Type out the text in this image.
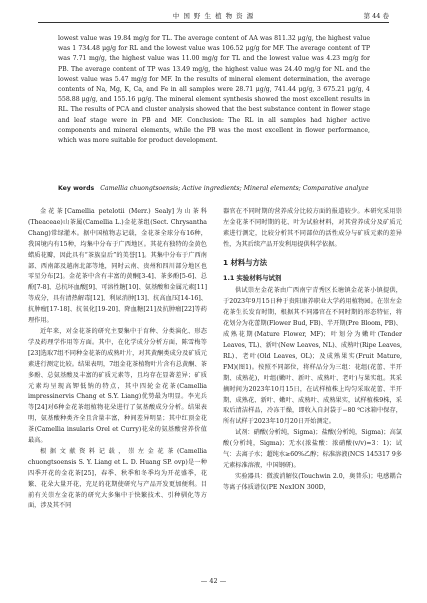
中 国 野 生 植 物 资 源	第 44 卷
lowest value was 19.84 mg/g for TL. The average content of AA was 811.32 μg/g, the highest value was 1 734.48 μg/g for RL and the lowest value was 106.52 μg/g for MF. The average content of TP was 7.71 mg/g, the highest value was 11.00 mg/g for TL and the lowest value was 4.23 mg/g for PB. The average content of TP was 13.49 mg/g, the highest value was 24.40 mg/g for NL and the lowest value was 5.47 mg/g for MF. In the results of mineral element determination, the average contents of Na, Mg, K, Ca, and Fe in all samples were 28.71 μg/g, 741.44 μg/g, 3 675.21 μg/g, 4 558.88 μg/g, and 155.16 μg/g. The mineral element synthesis showed the most excellent results in RL. The results of PCA and cluster analysis showed that the best substance content in flower stage and leaf stage were in PB and MF. Conclusion: The RL in all samples had higher active components and mineral elements, while the PB was the most excellent in flower performance, which was more suitable for product development.
Key words Camellia chuongtsoensis; Active ingredients; Mineral elements; Comparative analyze

金花茶[Camellia petelotii (Merr.) Sealy]为山茶科(Theaceae)山茶属(Camellia L.)金花茶组(Sect. Chrysantha Chang)常绿灌木。据中国植物志记载，金花茶全球分布16种，我国境内有15种，均集中分布于广西地区。其花有独特的金黄色蜡质花瓣，因此具有“茶族皇后”的美誉[1]。其集中分布于广西南部、西南部及越南北部等地，同时云南、贵州和四川部分地区也零星分布[2]。金花茶中含有丰富的黄酮[3-4]、茶多酚[5-6]、总酚[7-8]、总抗坏血酸[9]、可溶性糖[10]、氨基酸和金属元素[11]等成分，具有清热解毒[12]、利尿消肿[13]、抗高血压[14-16]、抗肿瘤[17-18]、抗氧化[19-20]、降血糖[21]及抗肿瘤[22]等药理作用。

近年来，对金花茶的研究主要集中于育种、分类演化、形态学及药理学作用等方面。其中，在化学成分分析方面，陈雪梅等[23]选取7组不同种金花茶的成熟叶片，对其黄酮类成分及矿质元素进行测定比较。结果表明，7组金花茶植物叶片含有总黄酮、茶多酚、总氨基酸及丰富的矿质元素等，且均存在显著差异；矿质元素均呈现高钾低钠的特点，其中四轮金花茶(Camellia impressinervis Chang et S.Y. Liang)优势最为明显。李光兵等[24]对6种金花茶组植物花朵进行了氨基酸成分分析。结果表明，氨基酸种类齐全且含量丰富，种间差异明显；其中红顶金花茶(Camellia insularis Orel et Curry)花朵的氨基酸营养价值最高。

根据文献资料记载，崇左金花茶(Camellia chuongtsoensis S. Y. Liang et L. D. Huang SP. ovp)是一种四季开花的金花茶[25]，春季、秋季和冬季均为开花盛季，花繁、花朵大量开花，充足的花期使研究与产品开发更加便利。目前有关崇左金花茶的研究大多集中于快繁技术、引种驯化等方面，涉及其不同

器官在不同时期的营养成分比较方面的报道较少。本研究采用崇左金花茶不同时期的花、叶为试验材料，对其营养成分及矿质元素进行测定，比较分析其不同部位的活性成分与矿质元素的差异性，为其后续产品开发利用提供科学依据。

1 材料与方法
1.1 实验材料与试剂

供试崇左金花茶由广西南宁青秀区长塘镇金花茶小镇提供，于2023年9月15日种于贵阳康养职业大学药用植物园。在崇左金花茶生长发育时期，根据其不同器官在不同时期的形态特征，将花划分为花蕾期(Flower Bud, FB)、半开期(Pre Bloom, PB)、成熟花期(Mature Flower, MF)；叶划分为嫩叶(Tender Leaves, TL)、新叶(New Leaves, NL)、成熟叶(Ripe Leaves, RL)、老叶(Old Leaves, OL)；及成熟果实(Fruit Mature, FM)(图1)。按照不同部位，将样品分为三组：花组(花蕾、半开期、成熟花)，叶组(嫩叶、新叶、成熟叶、老叶)与果实组。其采摘时间为2023年10月15日，在试样植株上均匀采取花蕾、半开期、成熟花、新叶、嫩叶、成熟叶、成熟果实，试样植株9株，采取后清洁样品，冷冻干燥，即收入自封袋于−80 ℃冰箱中保存，所有试样于2023年10月20日开始测定。

试剂：硝酸(分析纯，Sigma)；盐酸(分析纯，Sigma)；高氯酸(分析纯，Sigma)；无水(浓盐酸：浓硝酸(v/v)=3：1)；试气：去离子水；超纯水≥60%乙醇；标准溶液(NCS 145317 9多元素标准溶液，中国钢研)。

实验器具：微波消解仪(Touchwin 2.0，奥普乐)；电感耦合等离子体质谱仪(PE NexION 300D，

— 42 —
